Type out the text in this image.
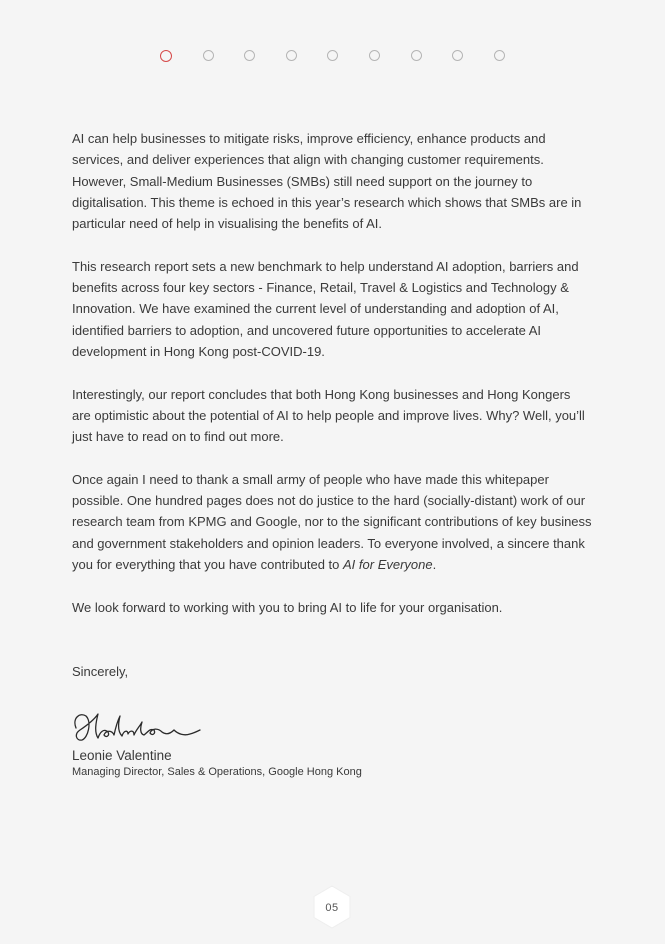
AI can help businesses to mitigate risks, improve efficiency, enhance products and services, and deliver experiences that align with changing customer requirements. However, Small-Medium Businesses (SMBs) still need support on the journey to digitalisation. This theme is echoed in this year’s research which shows that SMBs are in particular need of help in visualising the benefits of AI.

This research report sets a new benchmark to help understand AI adoption, barriers and benefits across four key sectors - Finance, Retail, Travel & Logistics and Technology & Innovation. We have examined the current level of understanding and adoption of AI, identified barriers to adoption, and uncovered future opportunities to accelerate AI development in Hong Kong post-COVID-19.

Interestingly, our report concludes that both Hong Kong businesses and Hong Kongers are optimistic about the potential of AI to help people and improve lives. Why? Well, you’ll just have to read on to find out more.

Once again I need to thank a small army of people who have made this whitepaper possible. One hundred pages does not do justice to the hard (socially-distant) work of our research team from KPMG and Google, nor to the significant contributions of key business and government stakeholders and opinion leaders. To everyone involved, a sincere thank you for everything that you have contributed to AI for Everyone.

We look forward to working with you to bring AI to life for your organisation.

Sincerely,
Leonie Valentine
Managing Director, Sales & Operations, Google Hong Kong
05
